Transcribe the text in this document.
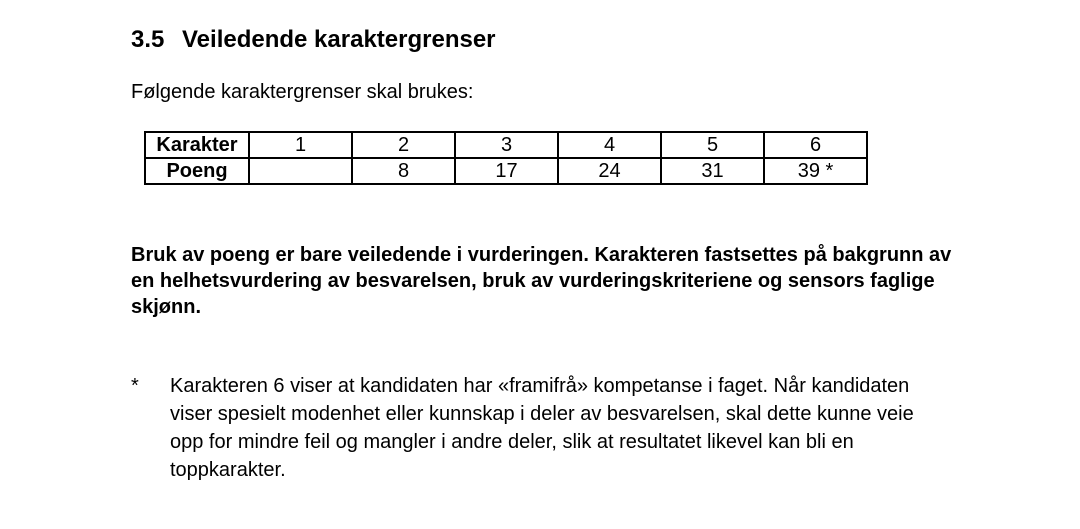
3.5 Veiledende karaktergrenser
Følgende karaktergrenser skal brukes:
Karakter	1	2	3	4	5	6
Poeng		8	17	24	31	39 *
Bruk av poeng er bare veiledende i vurderingen. Karakteren fastsettes på bakgrunn av en helhetsvurdering av besvarelsen, bruk av vurderingskriteriene og sensors faglige skjønn.
* Karakteren 6 viser at kandidaten har «framifrå» kompetanse i faget. Når kandidaten viser spesielt modenhet eller kunnskap i deler av besvarelsen, skal dette kunne veie opp for mindre feil og mangler i andre deler, slik at resultatet likevel kan bli en toppkarakter.
